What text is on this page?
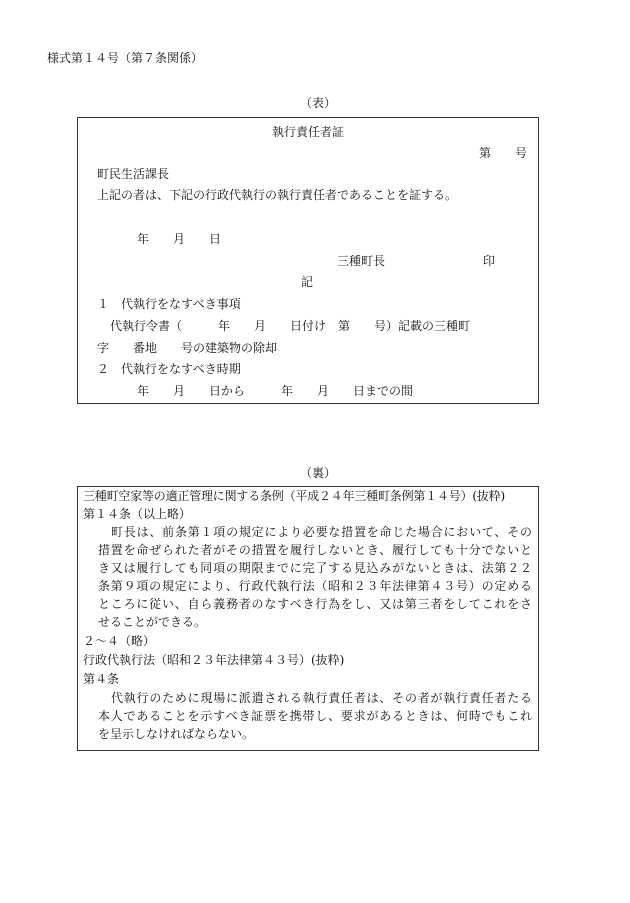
様式第１４号（第７条関係）
（表）
執行責任者証
第　　号
町民生活課長
上記の者は、下記の行政代執行の執行責任者であることを証する。
年　　月　　日
三種町長	印
記
１　代執行をなすべき事項
代執行令書（　　　年　　月　　日付け　第　　号）記載の三種町
字　　番地　　号の建築物の除却
２　代執行をなすべき時期
年　　月　　日から　　　年　　月　　日までの間
（裏）
三種町空家等の適正管理に関する条例（平成２４年三種町条例第１４号）(抜粋)
第１４条（以上略）
町長は、前条第１項の規定により必要な措置を命じた場合において、その
措置を命ぜられた者がその措置を履行しないとき、履行しても十分でないと
き又は履行しても同項の期限までに完了する見込みがないときは、法第２２
条第９項の規定により、行政代執行法（昭和２３年法律第４３号）の定める
ところに従い、自ら義務者のなすべき行為をし、又は第三者をしてこれをさ
せることができる。
２～４（略）
行政代執行法（昭和２３年法律第４３号）(抜粋)
第４条
代執行のために現場に派遣される執行責任者は、その者が執行責任者たる
本人であることを示すべき証票を携帯し、要求があるときは、何時でもこれ
を呈示しなければならない。
